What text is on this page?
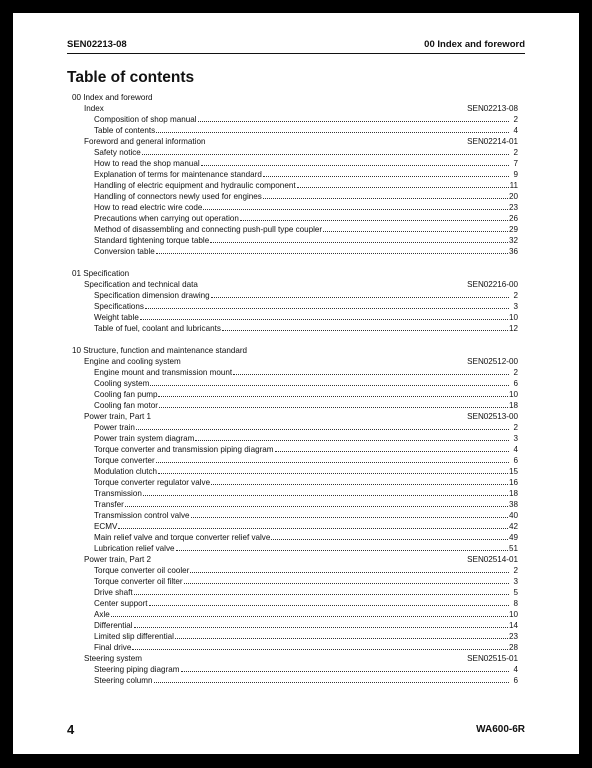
SEN02213-08	00 Index and foreword
Table of contents
00 Index and foreword
Index	SEN02213-08
Composition of shop manual	2
Table of contents	4
Foreword and general information	SEN02214-01
Safety notice	2
How to read the shop manual	7
Explanation of terms for maintenance standard	9
Handling of electric equipment and hydraulic component	11
Handling of connectors newly used for engines	20
How to read electric wire code	23
Precautions when carrying out operation	26
Method of disassembling and connecting push-pull type coupler	29
Standard tightening torque table	32
Conversion table	36
01 Specification
Specification and technical data	SEN02216-00
Specification dimension drawing	2
Specifications	3
Weight table	10
Table of fuel, coolant and lubricants	12
10 Structure, function and maintenance standard
Engine and cooling system	SEN02512-00
Engine mount and transmission mount	2
Cooling system	6
Cooling fan pump	10
Cooling fan motor	18
Power train, Part 1	SEN02513-00
Power train	2
Power train system diagram	3
Torque converter and transmission piping diagram	4
Torque converter	6
Modulation clutch	15
Torque converter regulator valve	16
Transmission	18
Transfer	38
Transmission control valve	40
ECMV	42
Main relief valve and torque converter relief valve	49
Lubrication relief valve	51
Power train, Part 2	SEN02514-01
Torque converter oil cooler	2
Torque converter oil filter	3
Drive shaft	5
Center support	8
Axle	10
Differential	14
Limited slip differential	23
Final drive	28
Steering system	SEN02515-01
Steering piping diagram	4
Steering column	6
4	WA600-6R
